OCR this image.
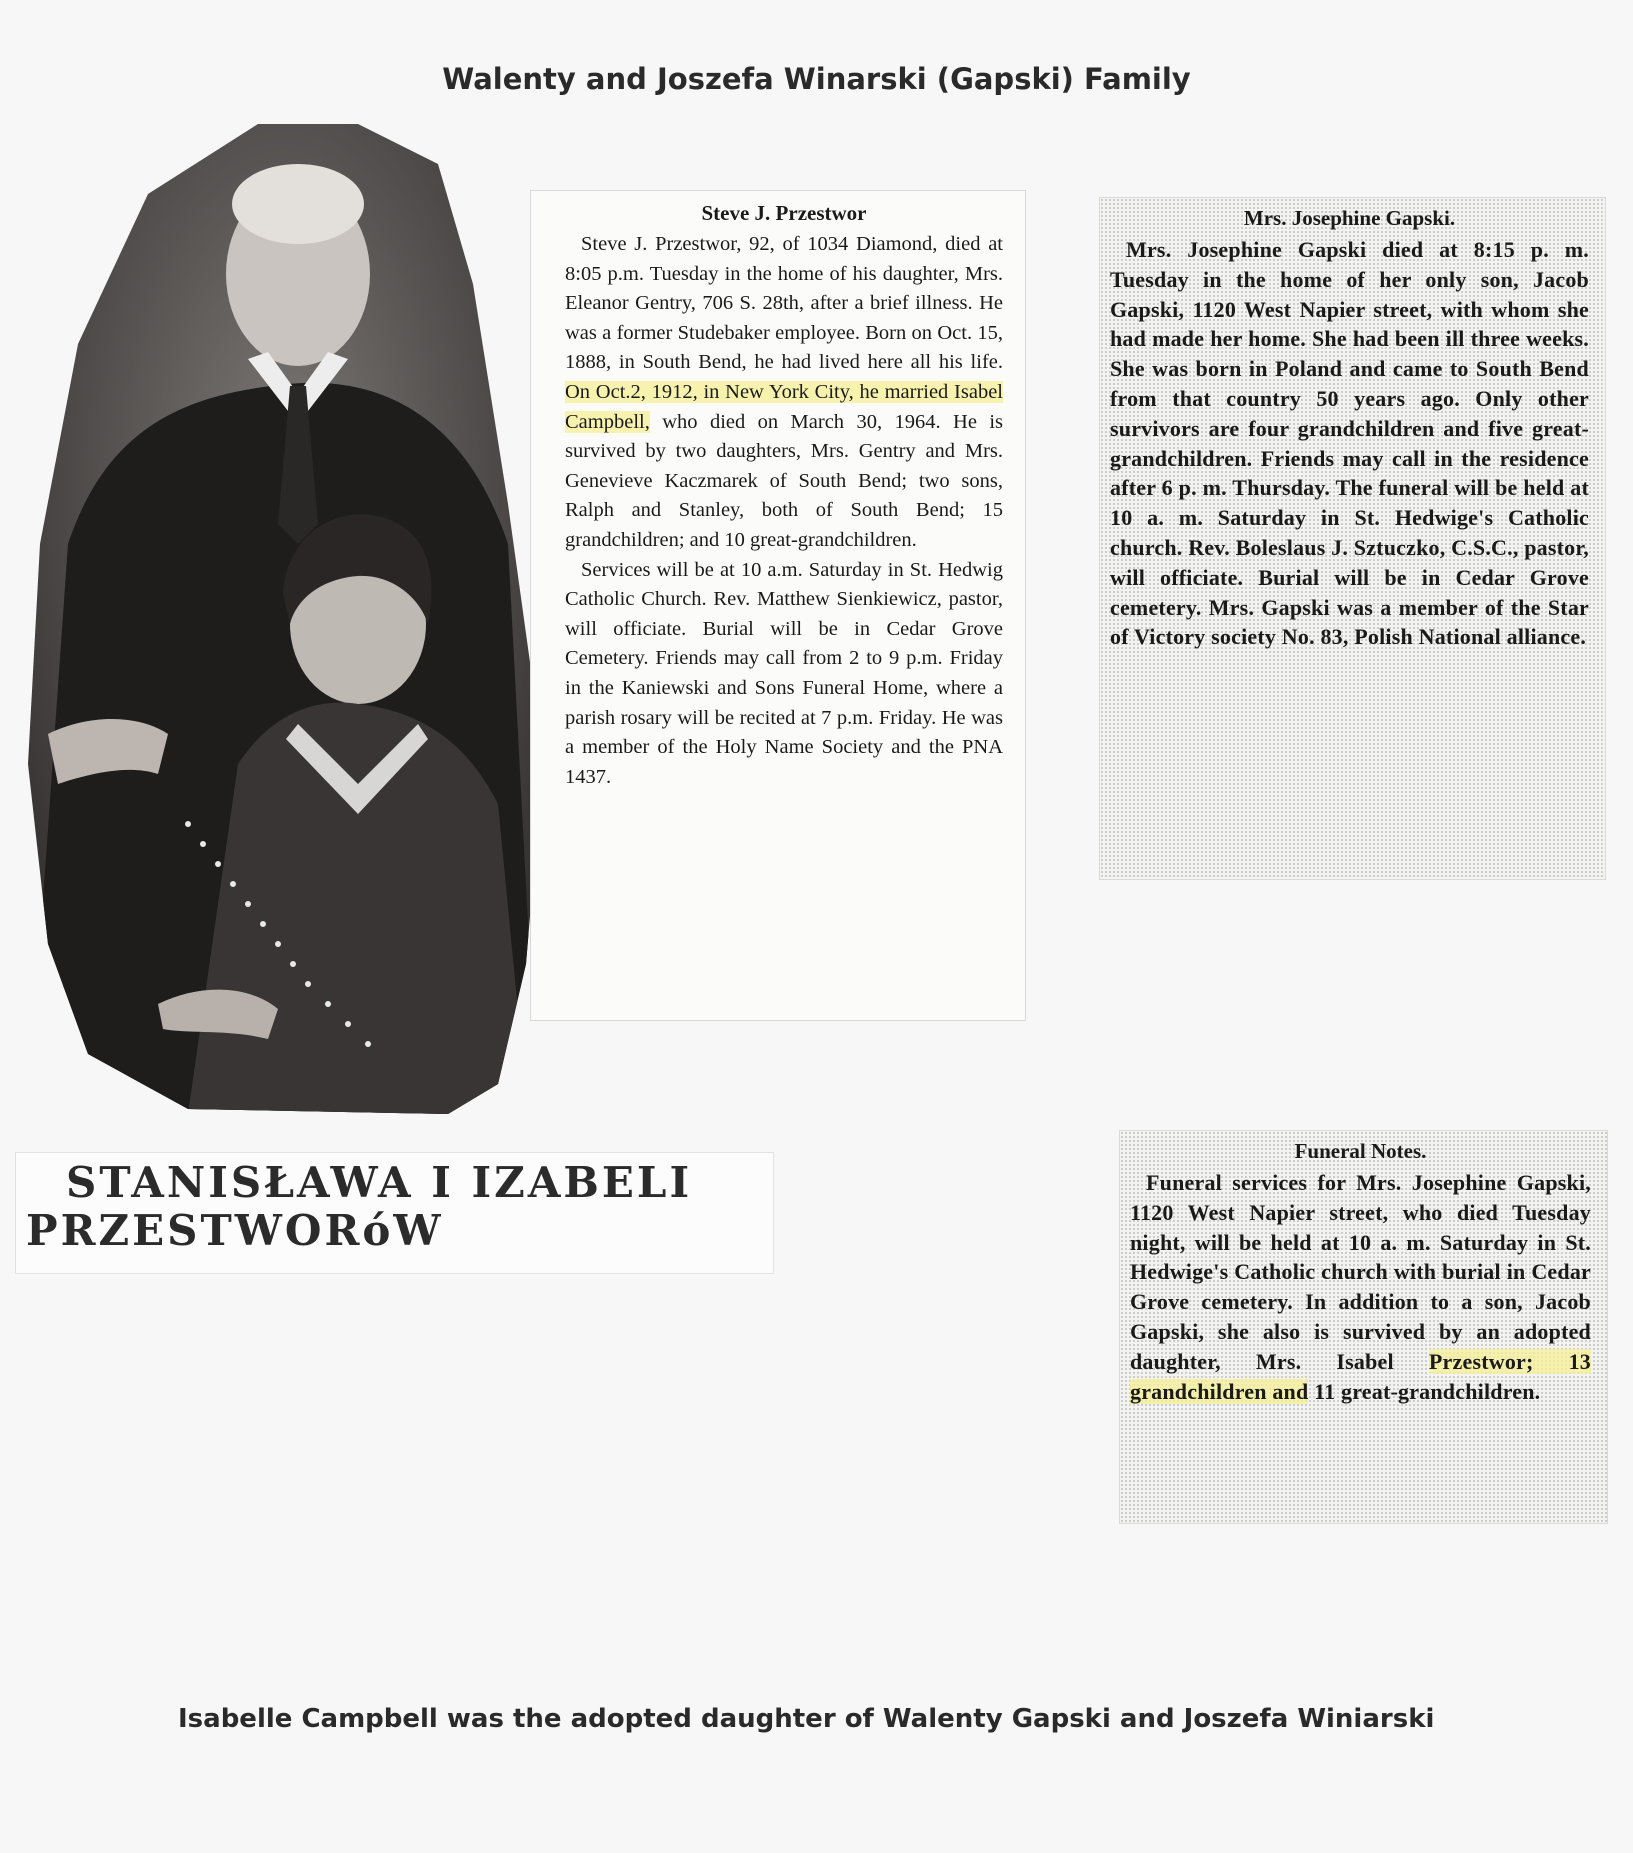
Walenty and Joszefa Winarski (Gapski) Family
Steve J. Przestwor

Steve J. Przestwor, 92, of 1034 Diamond, died at 8:05 p.m. Tuesday in the home of his daughter, Mrs. Eleanor Gentry, 706 S. 28th, after a brief illness. He was a former Studebaker employee. Born on Oct. 15, 1888, in South Bend, he had lived here all his life. On Oct.2, 1912, in New York City, he married Isabel Campbell, who died on March 30, 1964. He is survived by two daughters, Mrs. Gentry and Mrs. Genevieve Kaczmarek of South Bend; two sons, Ralph and Stanley, both of South Bend; 15 grandchildren; and 10 great-grandchildren.

Services will be at 10 a.m. Saturday in St. Hedwig Catholic Church. Rev. Matthew Sienkiewicz, pastor, will officiate. Burial will be in Cedar Grove Cemetery. Friends may call from 2 to 9 p.m. Friday in the Kaniewski and Sons Funeral Home, where a parish rosary will be recited at 7 p.m. Friday. He was a member of the Holy Name Society and the PNA 1437.

Mrs. Josephine Gapski.

Mrs. Josephine Gapski died at 8:15 p. m. Tuesday in the home of her only son, Jacob Gapski, 1120 West Napier street, with whom she had made her home. She had been ill three weeks. She was born in Poland and came to South Bend from that country 50 years ago. Only other survivors are four grandchildren and five great-grandchildren. Friends may call in the residence after 6 p. m. Thursday. The funeral will be held at 10 a. m. Saturday in St. Hedwige's Catholic church. Rev. Boleslaus J. Sztuczko, C.S.C., pastor, will officiate. Burial will be in Cedar Grove cemetery. Mrs. Gapski was a member of the Star of Victory society No. 83, Polish National alliance.

Funeral Notes.

Funeral services for Mrs. Josephine Gapski, 1120 West Napier street, who died Tuesday night, will be held at 10 a. m. Saturday in St. Hedwige's Catholic church with burial in Cedar Grove cemetery. In addition to a son, Jacob Gapski, she also is survived by an adopted daughter, Mrs. Isabel Przestwor; 13 grandchildren and 11 great-grandchildren.

STANISŁAWA I IZABELI
PRZESTWORóW
Isabelle Campbell was the adopted daughter of Walenty Gapski and Joszefa Winiarski
